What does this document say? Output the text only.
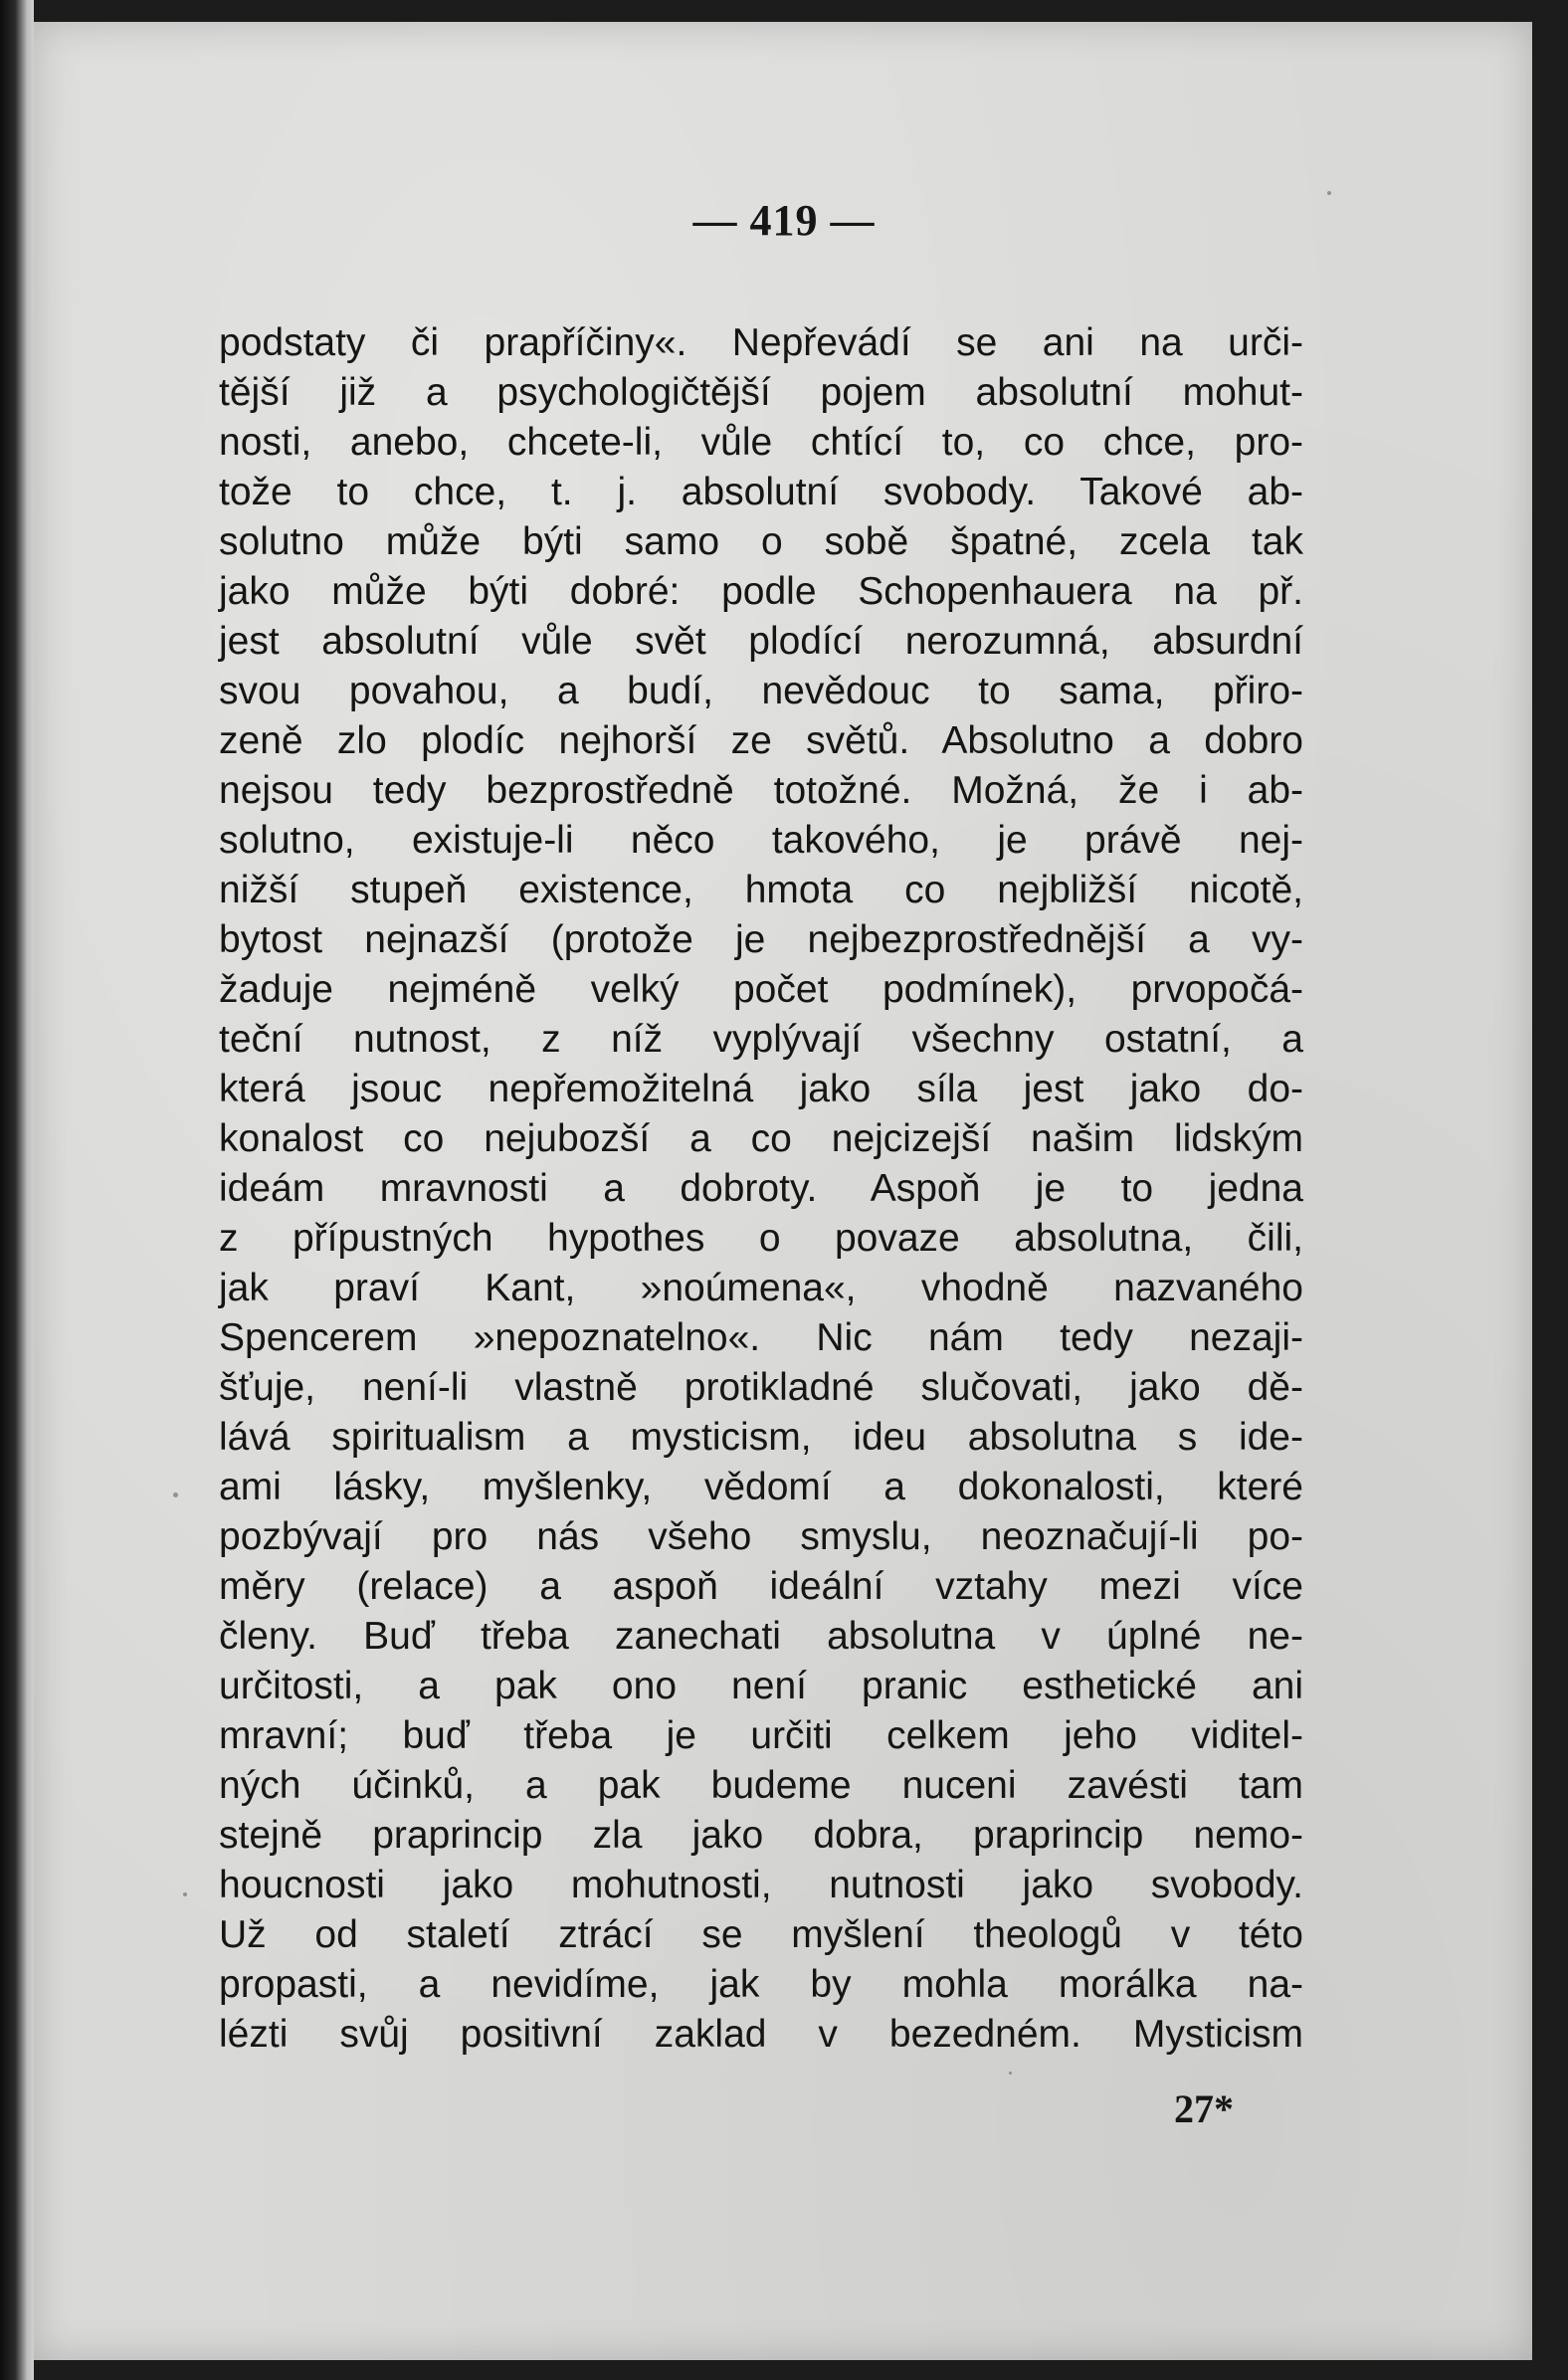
— 419 —
podstaty či prapříčiny«. Nepřevádí se ani na urči-
tější již a psychologičtější pojem absolutní mohut-
nosti, anebo, chcete-li, vůle chtící to, co chce, pro-
tože to chce, t. j. absolutní svobody. Takové ab-
solutno může býti samo o sobě špatné, zcela tak
jako může býti dobré: podle Schopenhauera na př.
jest absolutní vůle svět plodící nerozumná, absurdní
svou povahou, a budí, nevědouc to sama, přiro-
zeně zlo plodíc nejhorší ze světů. Absolutno a dobro
nejsou tedy bezprostředně totožné. Možná, že i ab-
solutno, existuje-li něco takového, je právě nej-
nižší stupeň existence, hmota co nejbližší nicotě,
bytost nejnazší (protože je nejbezprostřednější a vy-
žaduje nejméně velký počet podmínek), prvopočá-
teční nutnost, z níž vyplývají všechny ostatní, a
která jsouc nepřemožitelná jako síla jest jako do-
konalost co nejubozší a co nejcizejší našim lidským
ideám mravnosti a dobroty. Aspoň je to jedna
z přípustných hypothes o povaze absolutna, čili,
jak praví Kant, »noúmena«, vhodně nazvaného
Spencerem »nepoznatelno«. Nic nám tedy nezaji-
šťuje, není-li vlastně protikladné slučovati, jako dě-
lává spiritualism a mysticism, ideu absolutna s ide-
ami lásky, myšlenky, vědomí a dokonalosti, které
pozbývají pro nás všeho smyslu, neoznačují-li po-
měry (relace) a aspoň ideální vztahy mezi více
členy. Buď třeba zanechati absolutna v úplné ne-
určitosti, a pak ono není pranic esthetické ani
mravní; buď třeba je určiti celkem jeho viditel-
ných účinků, a pak budeme nuceni zavésti tam
stejně praprincip zla jako dobra, praprincip nemo-
houcnosti jako mohutnosti, nutnosti jako svobody.
Už od staletí ztrácí se myšlení theologů v této
propasti, a nevidíme, jak by mohla morálka na-
lézti svůj positivní zaklad v bezedném. Mysticism
27*
